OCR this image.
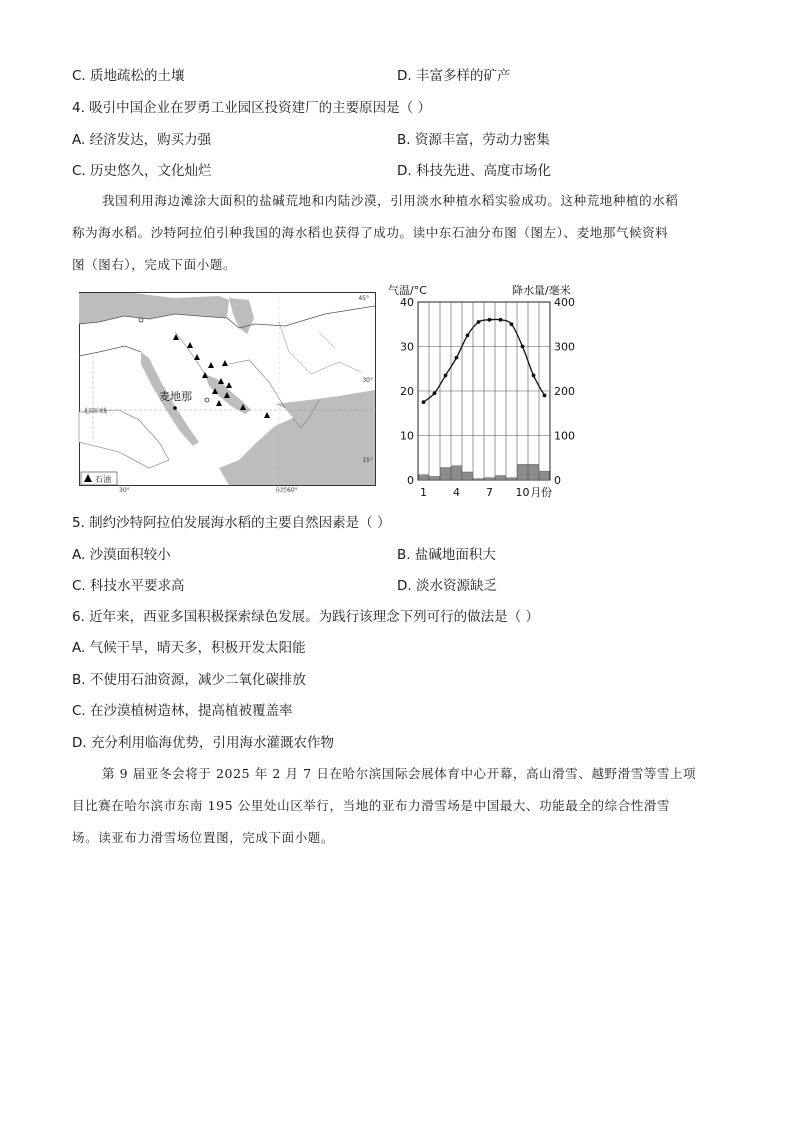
C. 质地疏松的土壤	D. 丰富多样的矿产
4. 吸引中国企业在罗勇工业园区投资建厂的主要原因是（ ）
A. 经济发达，购买力强	B. 资源丰富，劳动力密集
C. 历史悠久，文化灿烂	D. 科技先进、高度市场化

我国利用海边滩涂大面积的盐碱荒地和内陆沙漠，引用淡水种植水稻实验成功。这种荒地种植的水稻

称为海水稻。沙特阿拉伯引种我国的海水稻也获得了成功。读中东石油分布图（图左）、麦地那气候资料

图（图右），完成下面小题。

麦地那
北回归线
45°
30°
15°
30°	东经60°
石油
气温/°C	降水量/毫米
0
10
20
30
40
0
100
200
300
400
1 4 7 10 月份
5. 制约沙特阿拉伯发展海水稻的主要自然因素是（ ）
A. 沙漠面积较小	B. 盐碱地面积大
C. 科技水平要求高	D. 淡水资源缺乏
6. 近年来，西亚多国积极探索绿色发展。为践行该理念下列可行的做法是（ ）
A. 气候干旱，晴天多，积极开发太阳能
B. 不使用石油资源，减少二氧化碳排放
C. 在沙漠植树造林，提高植被覆盖率
D. 充分利用临海优势，引用海水灌溉农作物

第 9 届亚冬会将于 2025 年 2 月 7 日在哈尔滨国际会展体育中心开幕，高山滑雪、越野滑雪等雪上项

目比赛在哈尔滨市东南 195 公里处山区举行，当地的亚布力滑雪场是中国最大、功能最全的综合性滑雪

场。读亚布力滑雪场位置图，完成下面小题。
